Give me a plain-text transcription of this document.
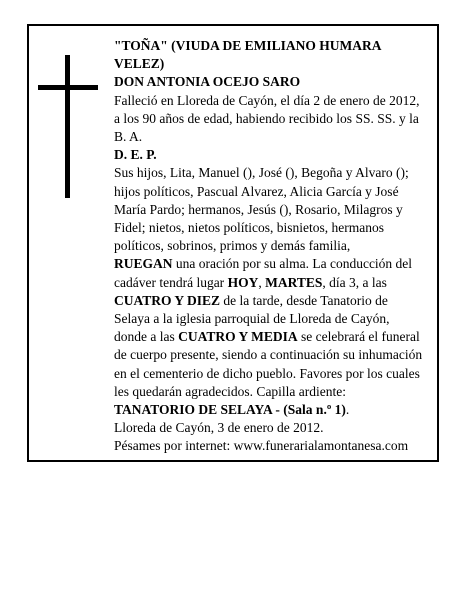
"TOÑA" (VIUDA DE EMILIANO HUMARA VELEZ)

DON ANTONIA OCEJO SARO

Falleció en Lloreda de Cayón, el día 2 de enero de 2012,

a los 90 años de edad, habiendo recibido los SS. SS. y la B. A.

D. E. P.

Sus hijos, Lita, Manuel (), José (), Begoña y Alvaro (); hijos políticos, Pascual Alvarez, Alicia García y José María Pardo; hermanos, Jesús (), Rosario, Milagros y Fidel; nietos, nietos políticos, bisnietos, hermanos políticos, sobrinos, primos y demás familia,

RUEGAN una oración por su alma. La conducción del cadáver tendrá lugar HOY, MARTES, día 3, a las CUATRO Y DIEZ de la tarde, desde Tanatorio de Selaya a la iglesia parroquial de Lloreda de Cayón, donde a las CUATRO Y MEDIA se celebrará el funeral de cuerpo presente, siendo a continuación su inhumación en el cementerio de dicho pueblo. Favores por los cuales les quedarán agradecidos. Capilla ardiente: TANATORIO DE SELAYA - (Sala n.º 1).

Lloreda de Cayón, 3 de enero de 2012.

Pésames por internet: www.funerarialamontanesa.com
